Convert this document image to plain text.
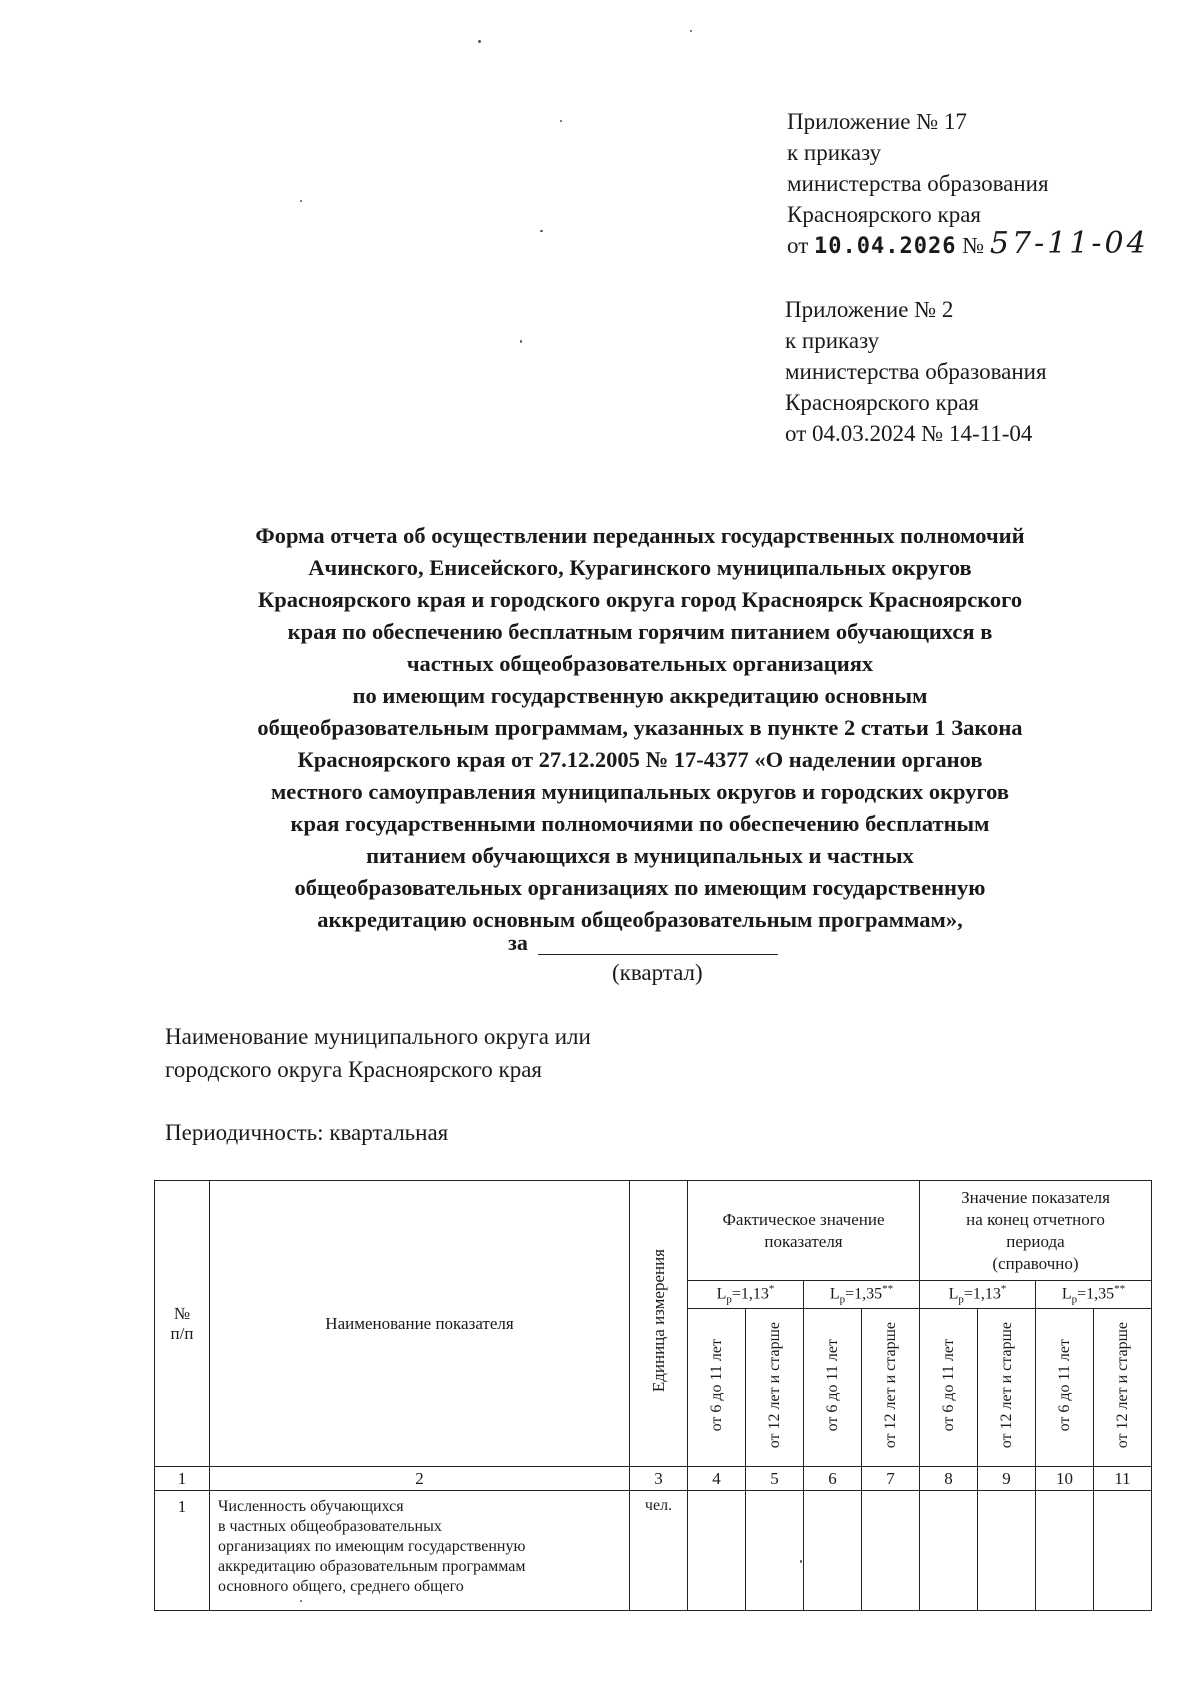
Приложение № 17
к приказу
министерства образования
Красноярского края
от 10.04.2026 № 57-11-04
Приложение № 2
к приказу
министерства образования
Красноярского края
от 04.03.2024 № 14-11-04
Форма отчета об осуществлении переданных государственных полномочий
Ачинского, Енисейского, Курагинского муниципальных округов
Красноярского края и городского округа город Красноярск Красноярского
края по обеспечению бесплатным горячим питанием обучающихся в
частных общеобразовательных организациях
по имеющим государственную аккредитацию основным
общеобразовательным программам, указанных в пункте 2 статьи 1 Закона
Красноярского края от 27.12.2005 № 17-4377 «О наделении органов
местного самоуправления муниципальных округов и городских округов
края государственными полномочиями по обеспечению бесплатным
питанием обучающихся в муниципальных и частных
общеобразовательных организациях по имеющим государственную
аккредитацию основным общеобразовательным программам»,
за
(квартал)
Наименование муниципального округа или
городского округа Красноярского края
Периодичность: квартальная
№ п/п	Наименование показателя	Единица измерения	Фактическое значение показателя				Значение показателя
на конец отчетного
периода
(справочно)			

			$L_р=1,13^*$		$L_р=1,35^{**}$		$L_р=1,13^*$		$L_р=1,35^{**}$
			от 6 до 11 лет	от 12 лет и старше	от 6 до 11 лет	от 12 лет и старше	от 6 до 11 лет	от 12 лет и старше	от 6 до 11 лет	от 12 лет и старше
1	2	3	4	5	6	7	8	9	10	11
1	Численность обучающихся
в частных общеобразовательных
организациях по имеющим государственную
аккредитацию образовательным программам
основного общего, среднего общего	чел.								
